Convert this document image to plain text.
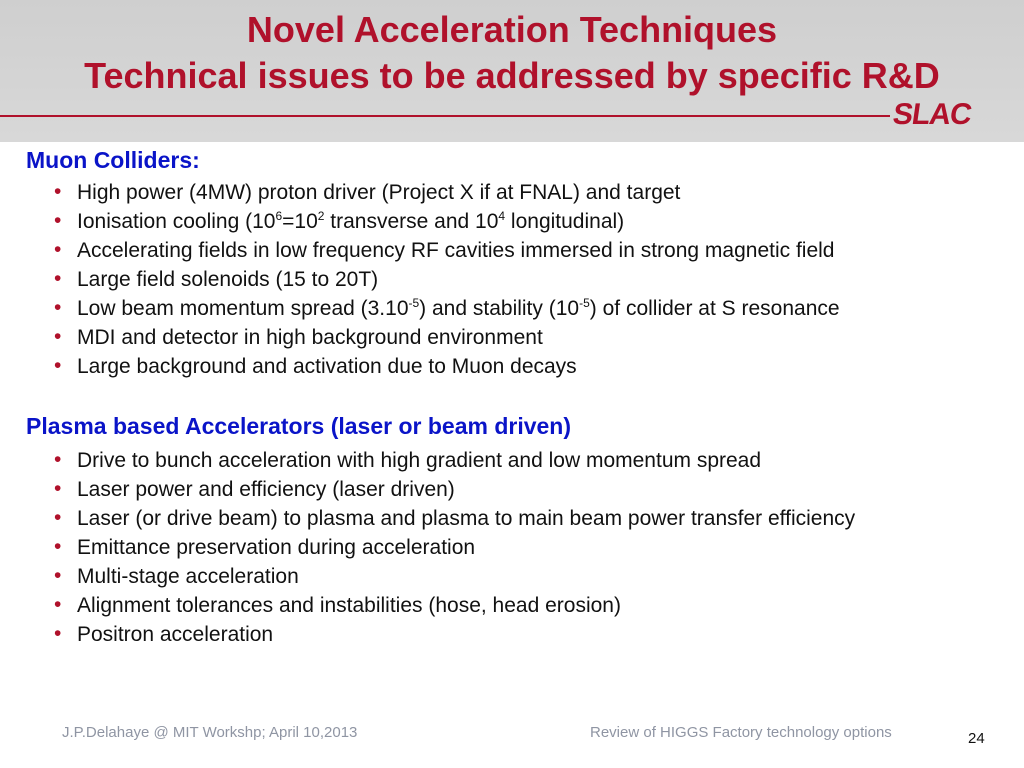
Novel Acceleration Techniques
Technical issues to be addressed by specific R&D
SLAC
Muon Colliders:
• High power (4MW) proton driver (Project X if at FNAL) and target
• Ionisation cooling ($10^6=10^2$ transverse and $10^4$ longitudinal)
• Accelerating fields in low frequency RF cavities immersed in strong magnetic field
• Large field solenoids (15 to 20T)
• Low beam momentum spread $(3.10^{-5})$ and stability $(10^{-5})$ of collider at S resonance
• MDI and detector in high background environment
• Large background and activation due to Muon decays
Plasma based Accelerators (laser or beam driven)
• Drive to bunch acceleration with high gradient and low momentum spread
• Laser power and efficiency (laser driven)
• Laser (or drive beam) to plasma and plasma to main beam power transfer efficiency
• Emittance preservation during acceleration
• Multi-stage acceleration
• Alignment tolerances and instabilities (hose, head erosion)
• Positron acceleration
J.P.Delahaye @ MIT Workshp; April 10,2013	Review of HIGGS Factory technology options	24
